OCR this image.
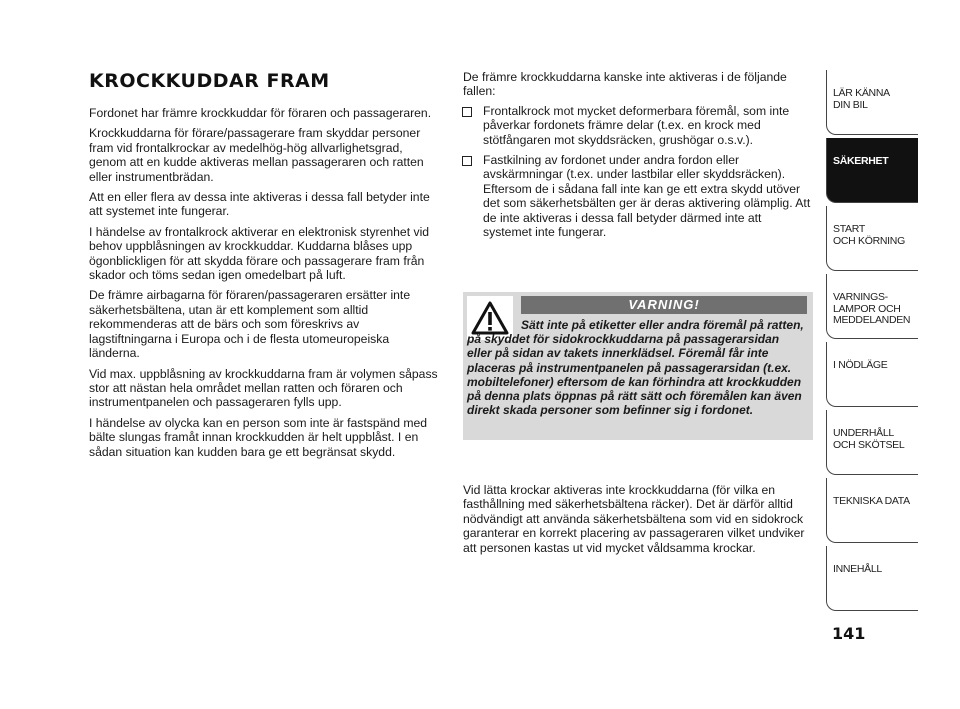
KROCKKUDDAR FRAM

Fordonet har främre krockkuddar för föraren och passageraren.

Krockkuddarna för förare/passagerare fram skyddar personer fram vid frontalkrockar av medelhög-hög allvarlighetsgrad, genom att en kudde aktiveras mellan passageraren och ratten eller instrumentbrädan.

Att en eller flera av dessa inte aktiveras i dessa fall betyder inte att systemet inte fungerar.

I händelse av frontalkrock aktiverar en elektronisk styrenhet vid behov uppblåsningen av krockkuddar. Kuddarna blåses upp ögonblickligen för att skydda förare och passagerare fram från skador och töms sedan igen omedelbart på luft.

De främre airbagarna för föraren/passageraren ersätter inte säkerhetsbältena, utan är ett komplement som alltid rekommenderas att de bärs och som föreskrivs av lagstiftningarna i Europa och i de flesta utomeuropeiska länderna.

Vid max. uppblåsning av krockkuddarna fram är volymen såpass stor att nästan hela området mellan ratten och föraren och instrumentpanelen och passageraren fylls upp.

I händelse av olycka kan en person som inte är fastspänd med bälte slungas framåt innan krockkudden är helt uppblåst. I en sådan situation kan kudden bara ge ett begränsat skydd.

De främre krockkuddarna kanske inte aktiveras i de följande fallen:

Frontalkrock mot mycket deformerbara föremål, som inte påverkar fordonets främre delar (t.ex. en krock med stötfångaren mot skyddsräcken, grushögar o.s.v.).
Fastkilning av fordonet under andra fordon eller avskärmningar (t.ex. under lastbilar eller skyddsräcken). Eftersom de i sådana fall inte kan ge ett extra skydd utöver det som säkerhetsbälten ger är deras aktivering olämplig. Att de inte aktiveras i dessa fall betyder därmed inte att systemet inte fungerar.
VARNING!

Sätt inte på etiketter eller andra föremål på ratten, på skyddet för sidokrockkuddarna på passagerarsidan eller på sidan av takets innerklädsel. Föremål får inte placeras på instrumentpanelen på passagerarsidan (t.ex. mobiltelefoner) eftersom de kan förhindra att krockkudden på denna plats öppnas på rätt sätt och föremålen kan även direkt skada personer som befinner sig i fordonet.

Vid lätta krockar aktiveras inte krockkuddarna (för vilka en fasthållning med säkerhetsbältena räcker). Det är därför alltid nödvändigt att använda säkerhetsbältena som vid en sidokrock garanterar en korrekt placering av passageraren vilket undviker att personen kastas ut vid mycket våldsamma krockar.

LÄR KÄNNA
DIN BIL
SÄKERHET
START
OCH KÖRNING
VARNINGS-
LAMPOR OCH
MEDDELANDEN
I NÖDLÄGE
UNDERHÅLL
OCH SKÖTSEL
TEKNISKA DATA
INNEHÅLL
141
